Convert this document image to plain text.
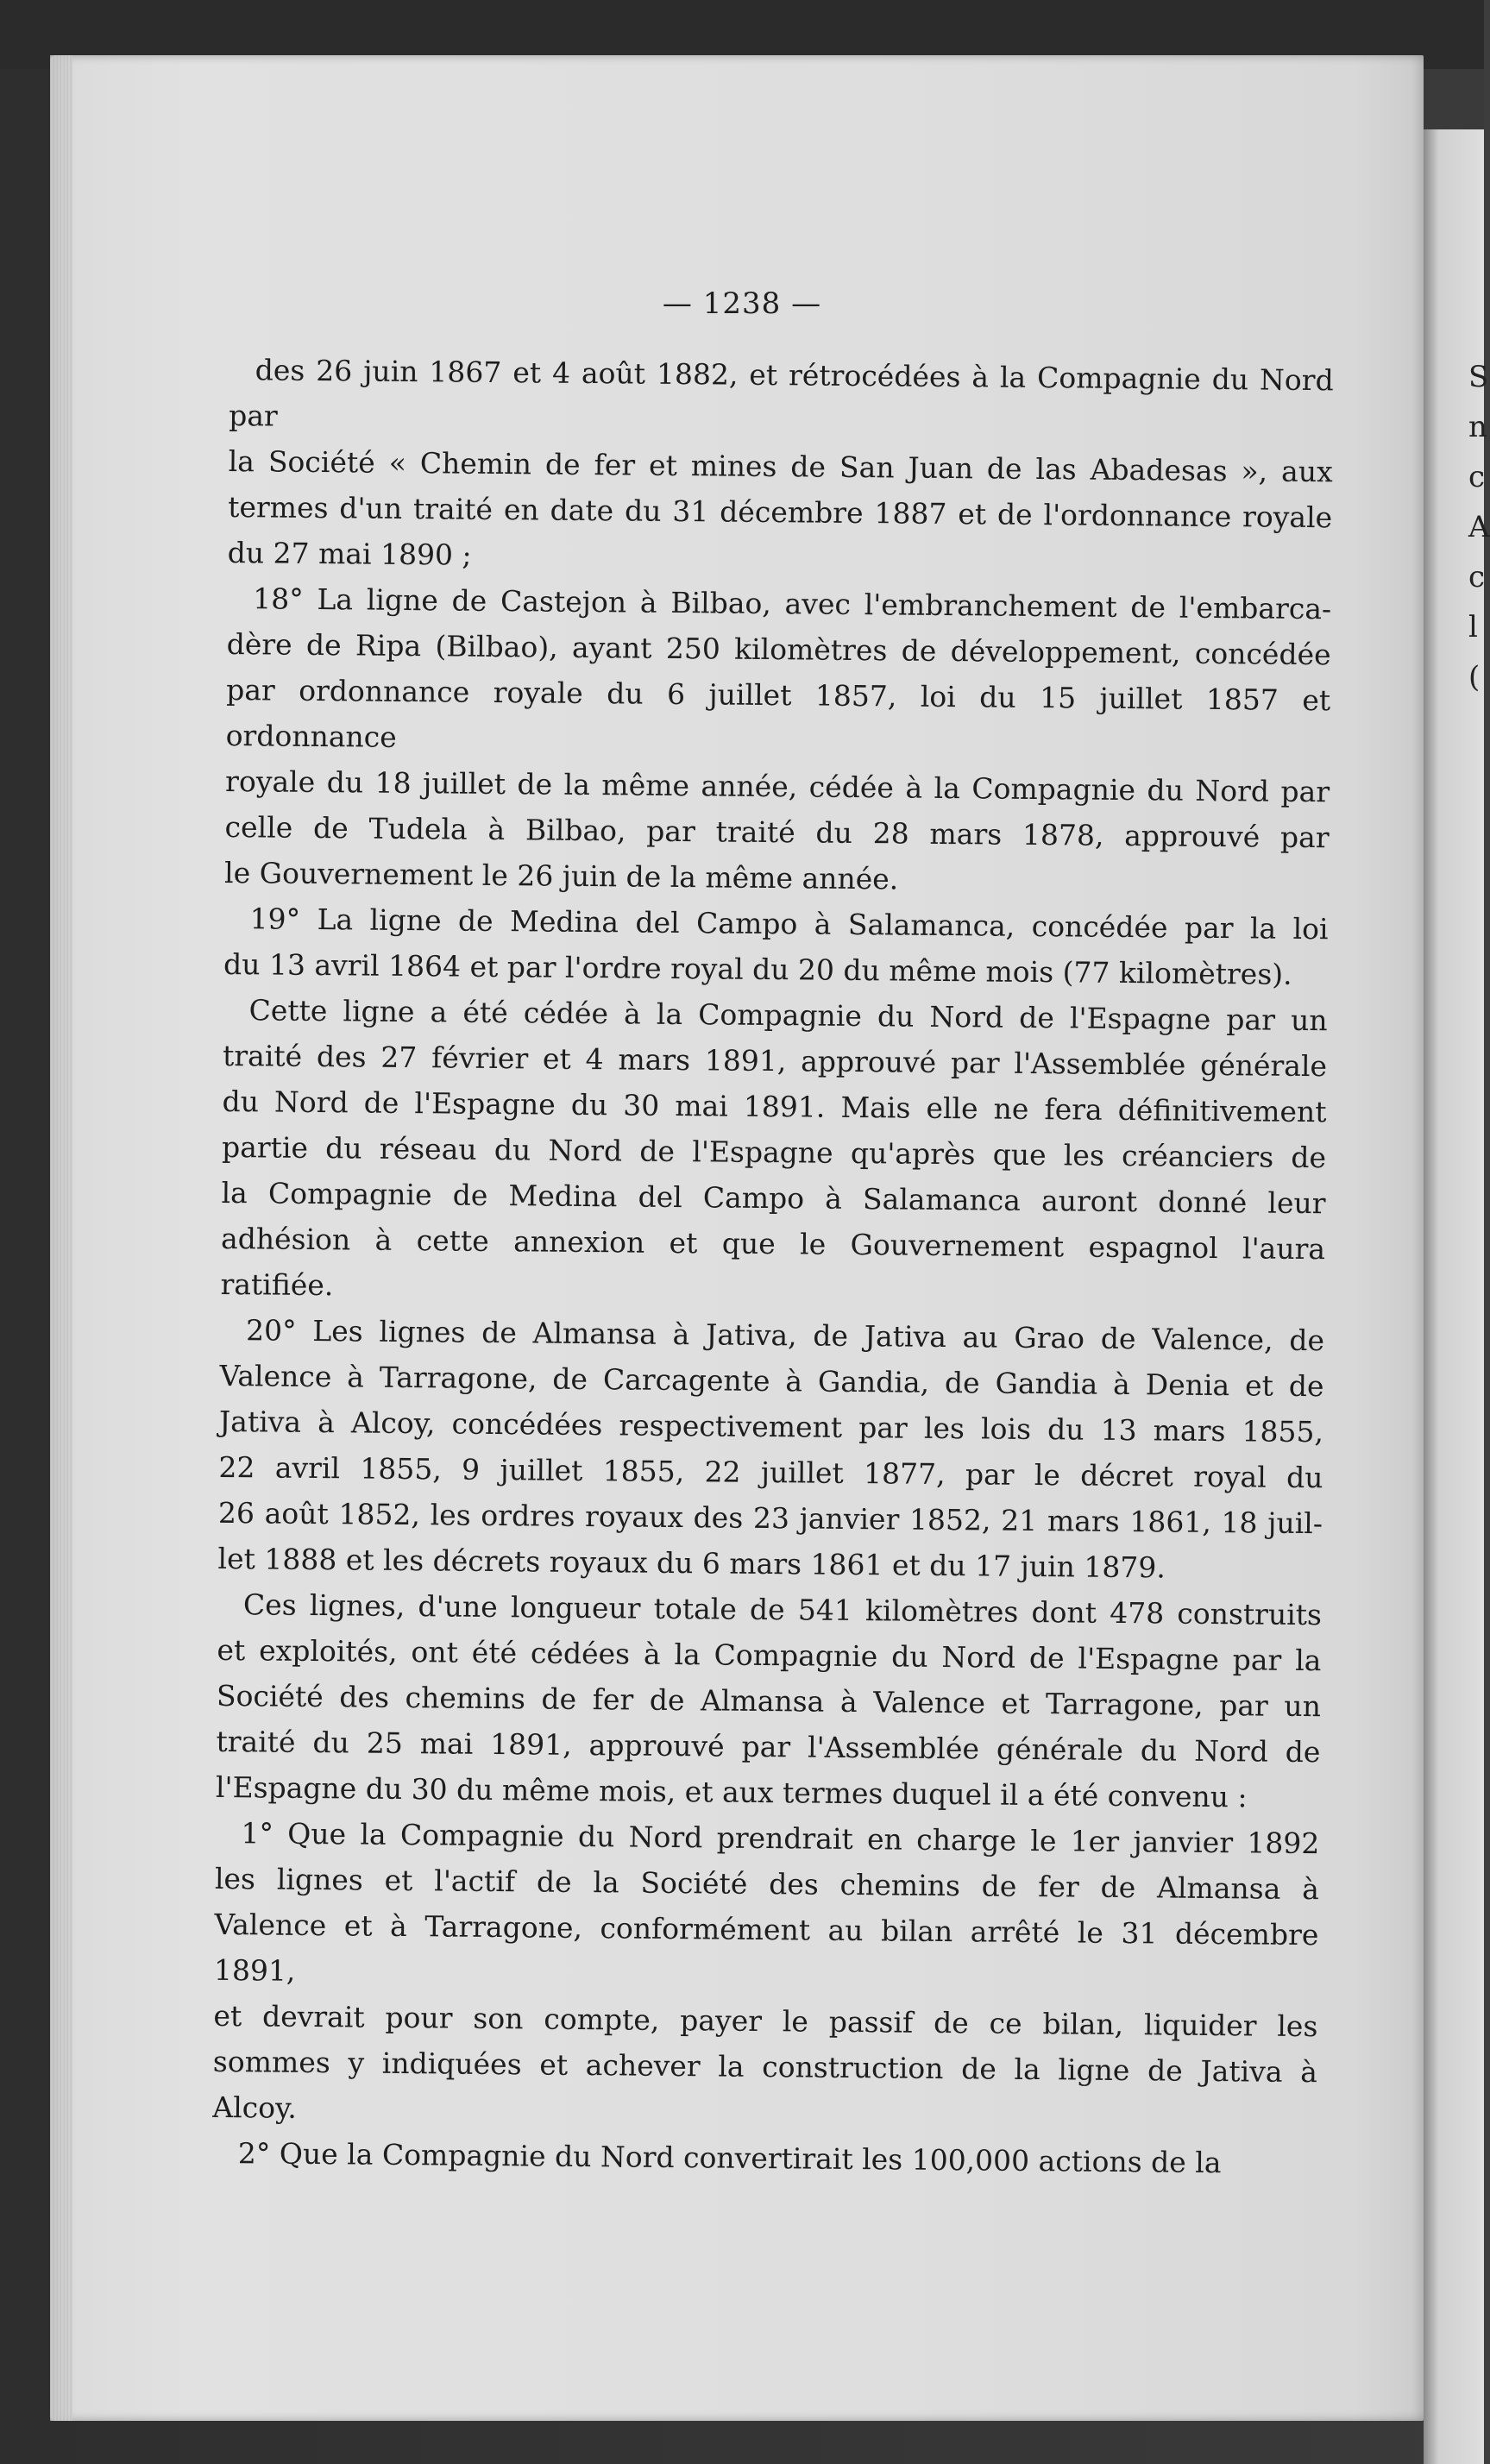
S
n
c
A
c
l
(
— 1238 —

des 26 juin 1867 et 4 août 1882, et rétrocédées à la Compagnie du Nord par

la Société « Chemin de fer et mines de San Juan de las Abadesas », aux

termes d'un traité en date du 31 décembre 1887 et de l'ordonnance royale

du 27 mai 1890 ;

18° La ligne de Castejon à Bilbao, avec l'embranchement de l'embarca-

dère de Ripa (Bilbao), ayant 250 kilomètres de développement, concédée

par ordonnance royale du 6 juillet 1857, loi du 15 juillet 1857 et ordonnance

royale du 18 juillet de la même année, cédée à la Compagnie du Nord par

celle de Tudela à Bilbao, par traité du 28 mars 1878, approuvé par

le Gouvernement le 26 juin de la même année.

19° La ligne de Medina del Campo à Salamanca, concédée par la loi

du 13 avril 1864 et par l'ordre royal du 20 du même mois (77 kilomètres).

Cette ligne a été cédée à la Compagnie du Nord de l'Espagne par un

traité des 27 février et 4 mars 1891, approuvé par l'Assemblée générale

du Nord de l'Espagne du 30 mai 1891. Mais elle ne fera définitivement

partie du réseau du Nord de l'Espagne qu'après que les créanciers de

la Compagnie de Medina del Campo à Salamanca auront donné leur

adhésion à cette annexion et que le Gouvernement espagnol l'aura

ratifiée.

20° Les lignes de Almansa à Jativa, de Jativa au Grao de Valence, de

Valence à Tarragone, de Carcagente à Gandia, de Gandia à Denia et de

Jativa à Alcoy, concédées respectivement par les lois du 13 mars 1855,

22 avril 1855, 9 juillet 1855, 22 juillet 1877, par le décret royal du

26 août 1852, les ordres royaux des 23 janvier 1852, 21 mars 1861, 18 juil-

let 1888 et les décrets royaux du 6 mars 1861 et du 17 juin 1879.

Ces lignes, d'une longueur totale de 541 kilomètres dont 478 construits

et exploités, ont été cédées à la Compagnie du Nord de l'Espagne par la

Société des chemins de fer de Almansa à Valence et Tarragone, par un

traité du 25 mai 1891, approuvé par l'Assemblée générale du Nord de

l'Espagne du 30 du même mois, et aux termes duquel il a été convenu :

1° Que la Compagnie du Nord prendrait en charge le 1er janvier 1892

les lignes et l'actif de la Société des chemins de fer de Almansa à

Valence et à Tarragone, conformément au bilan arrêté le 31 décembre 1891,

et devrait pour son compte, payer le passif de ce bilan, liquider les

sommes y indiquées et achever la construction de la ligne de Jativa à

Alcoy.

2° Que la Compagnie du Nord convertirait les 100,000 actions de la
